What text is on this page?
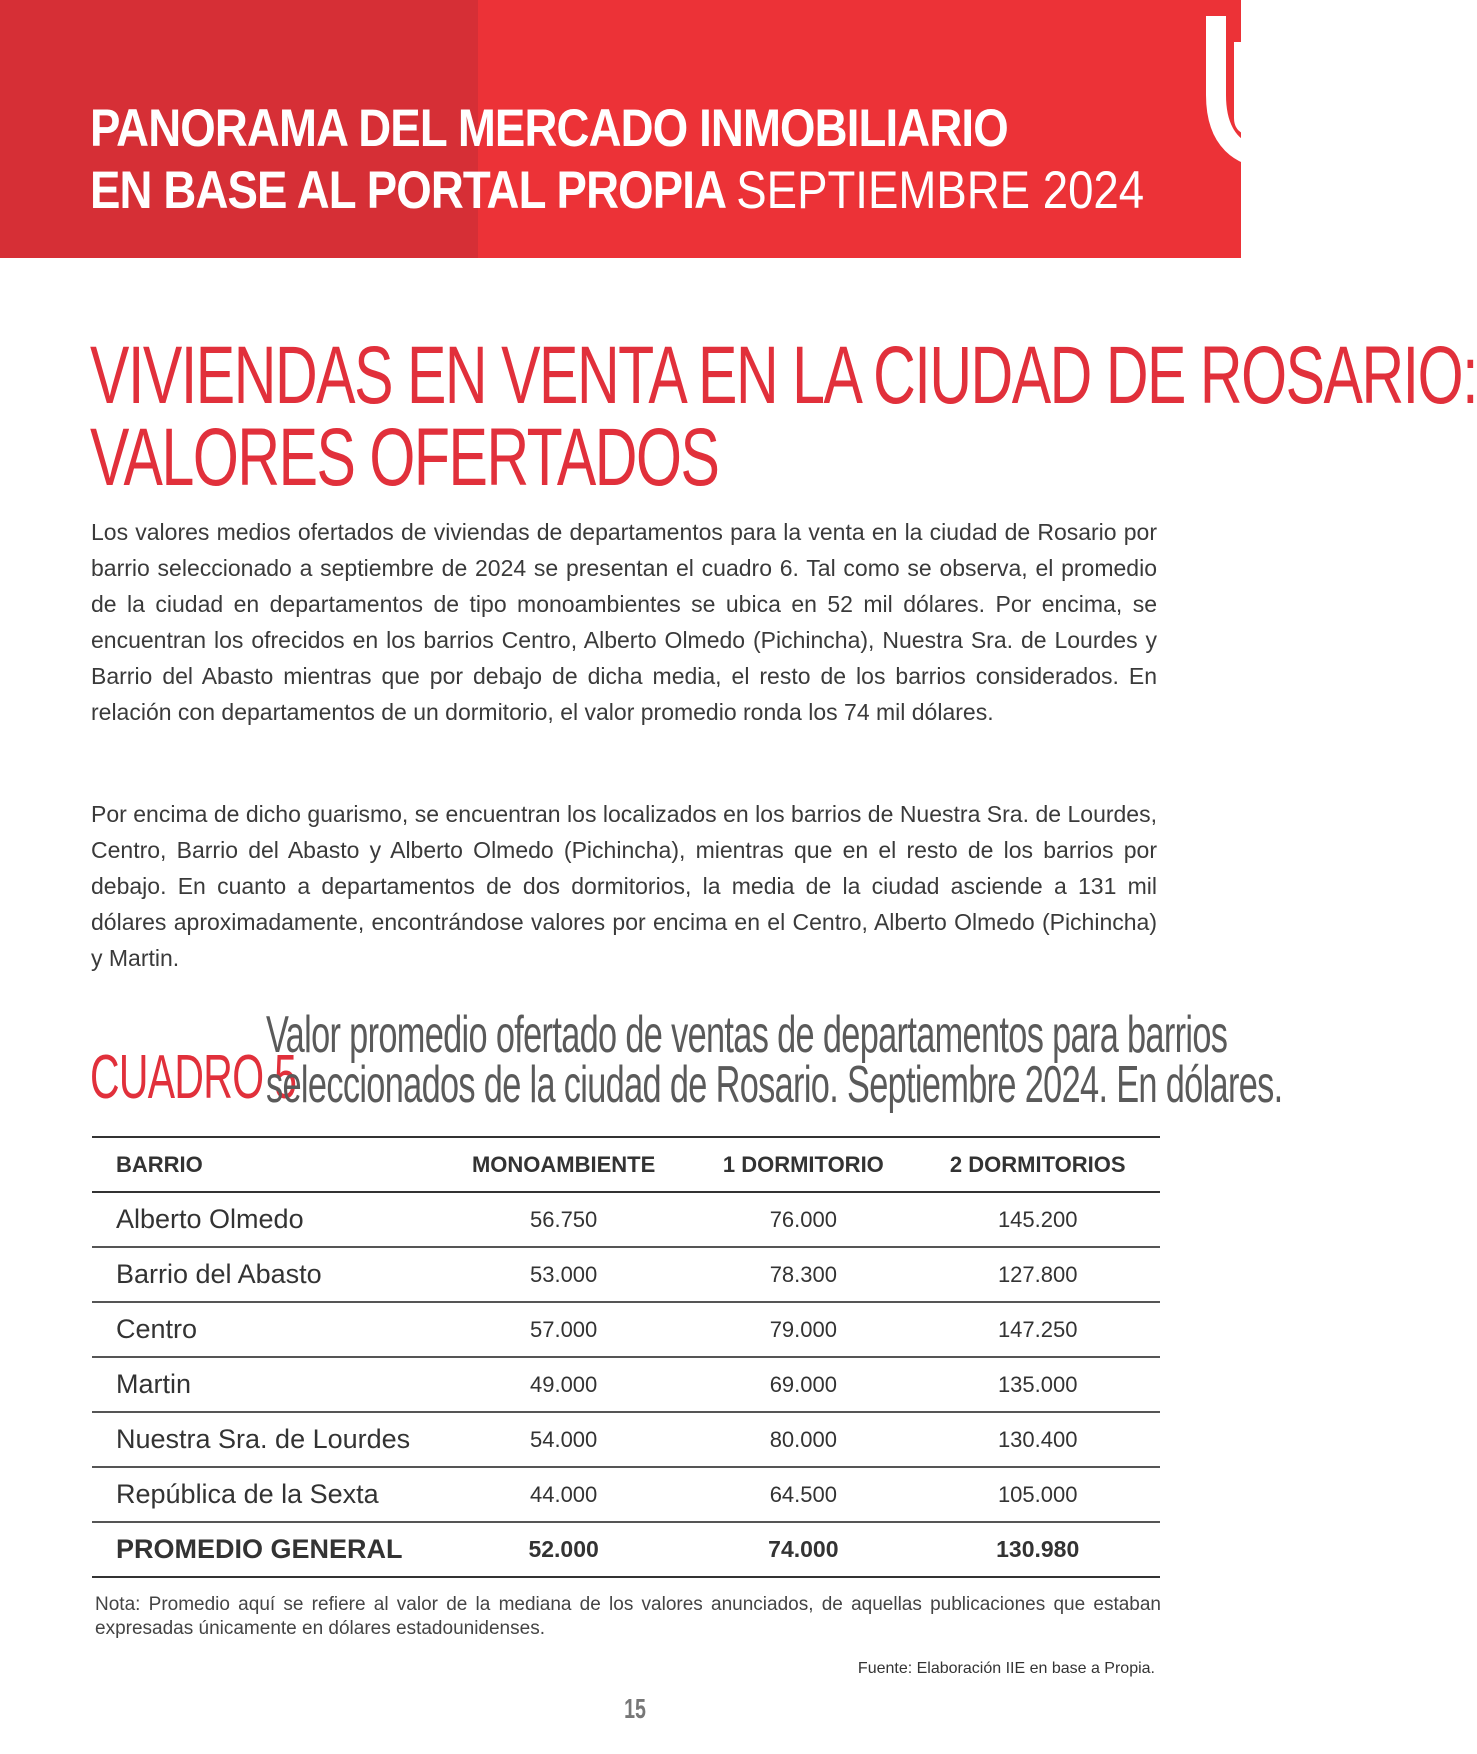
PANORAMA DEL MERCADO INMOBILIARIO
EN BASE AL PORTAL PROPIA SEPTIEMBRE 2024
VIVIENDAS EN VENTA EN LA CIUDAD DE ROSARIO:
VALORES OFERTADOS

Los valores medios ofertados de viviendas de departamentos para la venta en la ciudad de Rosario por barrio seleccionado a septiembre de 2024 se presentan el cuadro 6. Tal como se observa, el promedio de la ciudad en departamentos de tipo monoambientes se ubica en 52 mil dólares. Por encima, se encuentran los ofrecidos en los barrios Centro, Alberto Olmedo (Pichincha), Nuestra Sra. de Lourdes y Barrio del Abasto mientras que por debajo de dicha media, el resto de los barrios considerados. En relación con departamentos de un dormitorio, el valor promedio ronda los 74 mil dólares.

Por encima de dicho guarismo, se encuentran los localizados en los barrios de Nuestra Sra. de Lourdes, Centro, Barrio del Abasto y Alberto Olmedo (Pichincha), mientras que en el resto de los barrios por debajo. En cuanto a departamentos de dos dormitorios, la media de la ciudad asciende a 131 mil dólares aproximadamente, encontrándose valores por encima en el Centro, Alberto Olmedo (Pichincha) y Martin.

CUADRO 5
Valor promedio ofertado de ventas de departamentos para barrios
seleccionados de la ciudad de Rosario. Septiembre 2024. En dólares.
BARRIO	MONOAMBIENTE	1 DORMITORIO	2 DORMITORIOS
Alberto Olmedo	56.750	76.000	145.200
Barrio del Abasto	53.000	78.300	127.800
Centro	57.000	79.000	147.250
Martin	49.000	69.000	135.000
Nuestra Sra. de Lourdes	54.000	80.000	130.400
República de la Sexta	44.000	64.500	105.000
PROMEDIO GENERAL	52.000	74.000	130.980
Nota: Promedio aquí se refiere al valor de la mediana de los valores anunciados, de aquellas publicaciones que estaban expresadas únicamente en dólares estadounidenses.
Fuente: Elaboración IIE en base a Propia.
15
